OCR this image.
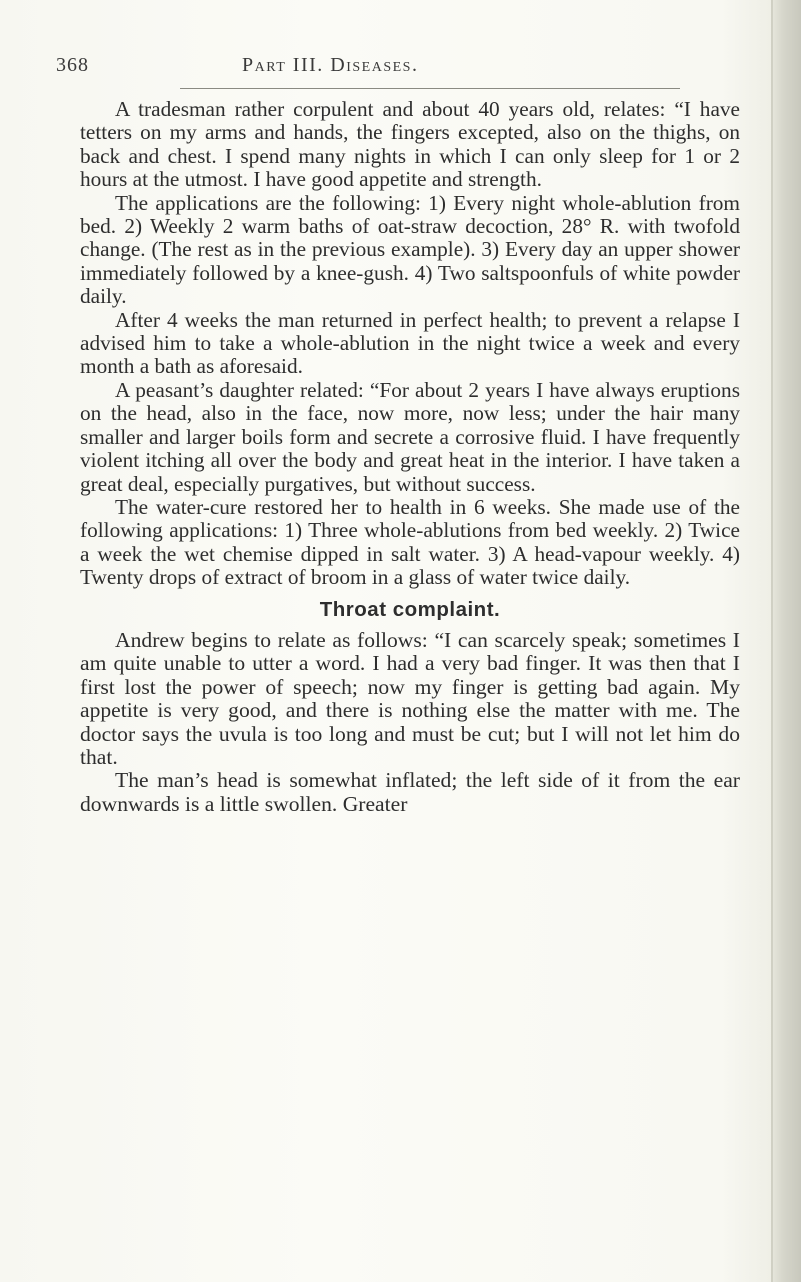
368	Part III. Diseases.

A tradesman rather corpulent and about 40 years old, relates: “I have tetters on my arms and hands, the fingers excepted, also on the thighs, on back and chest. I spend many nights in which I can only sleep for 1 or 2 hours at the utmost. I have good appetite and strength.

The applications are the following: 1) Every night whole-ablution from bed. 2) Weekly 2 warm baths of oat-straw decoction, 28° R. with twofold change. (The rest as in the previous example). 3) Every day an upper shower immediately followed by a knee-gush. 4) Two saltspoonfuls of white powder daily.

After 4 weeks the man returned in perfect health; to prevent a relapse I advised him to take a whole-ablution in the night twice a week and every month a bath as aforesaid.

A peasant’s daughter related: “For about 2 years I have always eruptions on the head, also in the face, now more, now less; under the hair many smaller and larger boils form and secrete a corrosive fluid. I have frequently violent itching all over the body and great heat in the interior. I have taken a great deal, especially purgatives, but without success.

The water-cure restored her to health in 6 weeks. She made use of the following applications: 1) Three whole-ablutions from bed weekly. 2) Twice a week the wet chemise dipped in salt water. 3) A head-vapour weekly. 4) Twenty drops of extract of broom in a glass of water twice daily.

Throat complaint.

Andrew begins to relate as follows: “I can scarcely speak; sometimes I am quite unable to utter a word. I had a very bad finger. It was then that I first lost the power of speech; now my finger is getting bad again. My appetite is very good, and there is nothing else the matter with me. The doctor says the uvula is too long and must be cut; but I will not let him do that.

The man’s head is somewhat inflated; the left side of it from the ear downwards is a little swollen. Greater
